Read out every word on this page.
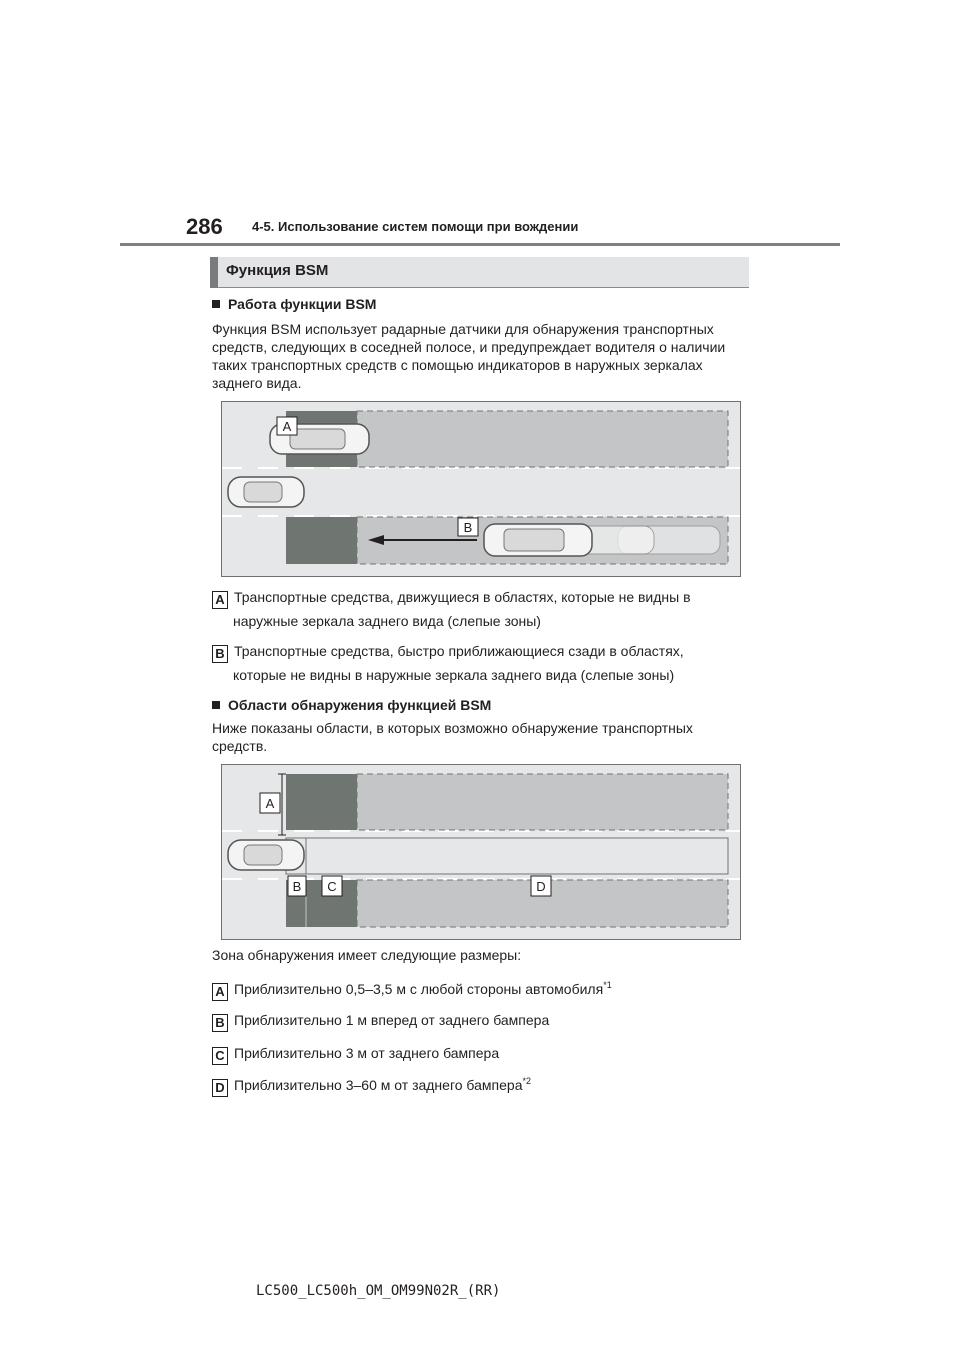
286 4-5. Использование систем помощи при вождении
Функция BSM
Работа функции BSM
Функция BSM использует радарные датчики для обнаружения транспортных
средств, следующих в соседней полосе, и предупреждает водителя о наличии
таких транспортных средств с помощью индикаторов в наружных зеркалах
заднего вида.
A
B
A Транспортные средства, движущиеся в областях, которые не видны в
наружные зеркала заднего вида (слепые зоны)
B Транспортные средства, быстро приближающиеся сзади в областях,
которые не видны в наружные зеркала заднего вида (слепые зоны)
Области обнаружения функцией BSM
Ниже показаны области, в которых возможно обнаружение транспортных
средств.
A
B C	D
Зона обнаружения имеет следующие размеры:
A Приблизительно 0,5–3,5 м с любой стороны автомобиля$^{*1}$
B Приблизительно 1 м вперед от заднего бампера
C Приблизительно 3 м от заднего бампера
D Приблизительно 3–60 м от заднего бампера$^{*2}$
LC500_LC500h_OM_OM99N02R_(RR)
